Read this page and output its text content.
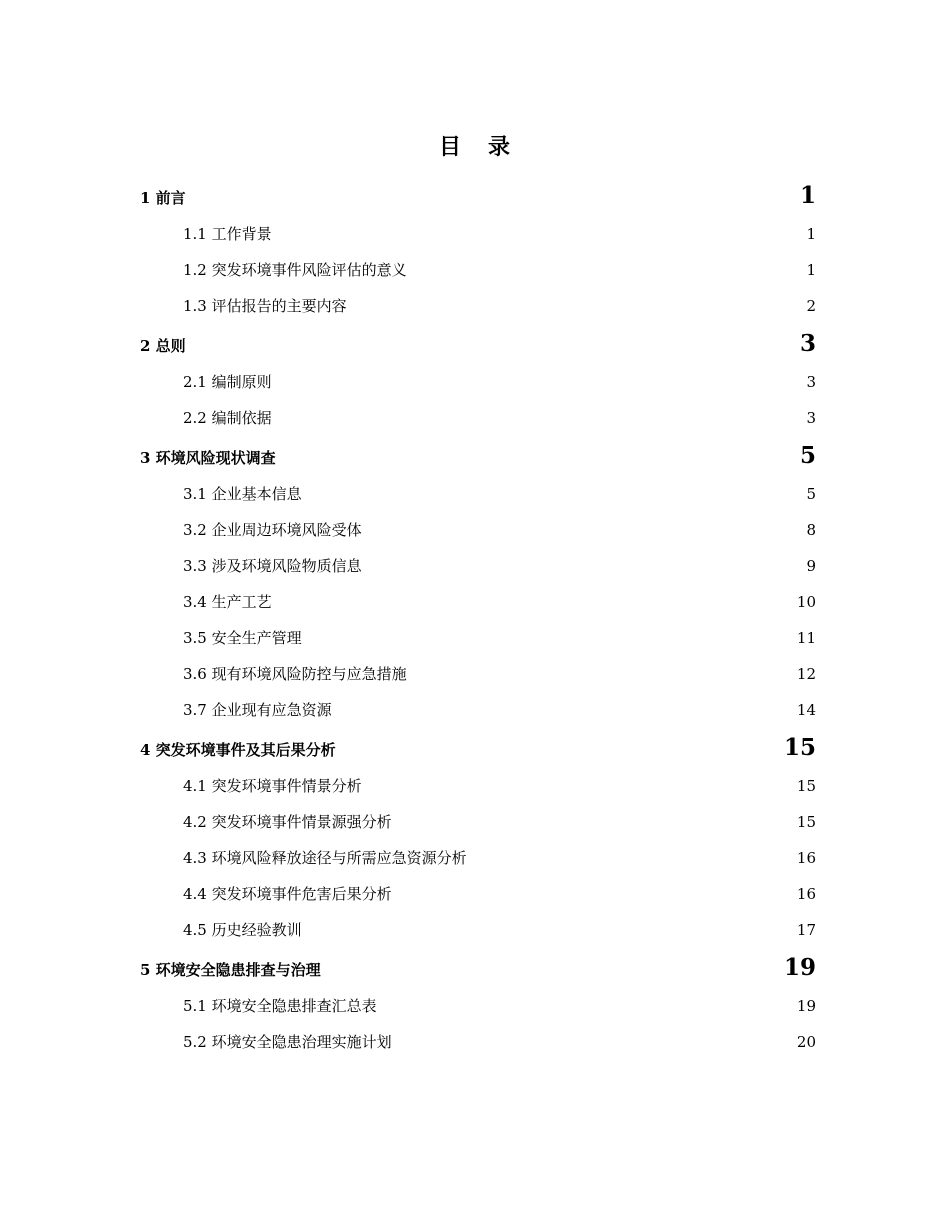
目 录
1 前言	1
1.1 工作背景	1
1.2 突发环境事件风险评估的意义	1
1.3 评估报告的主要内容	2
2 总则	3
2.1 编制原则	3
2.2 编制依据	3
3 环境风险现状调查	5
3.1 企业基本信息	5
3.2 企业周边环境风险受体	8
3.3 涉及环境风险物质信息	9
3.4 生产工艺	10
3.5 安全生产管理	11
3.6 现有环境风险防控与应急措施	12
3.7 企业现有应急资源	14
4 突发环境事件及其后果分析	15
4.1 突发环境事件情景分析	15
4.2 突发环境事件情景源强分析	15
4.3 环境风险释放途径与所需应急资源分析	16
4.4 突发环境事件危害后果分析	16
4.5 历史经验教训	17
5 环境安全隐患排查与治理	19
5.1 环境安全隐患排查汇总表	19
5.2 环境安全隐患治理实施计划	20
